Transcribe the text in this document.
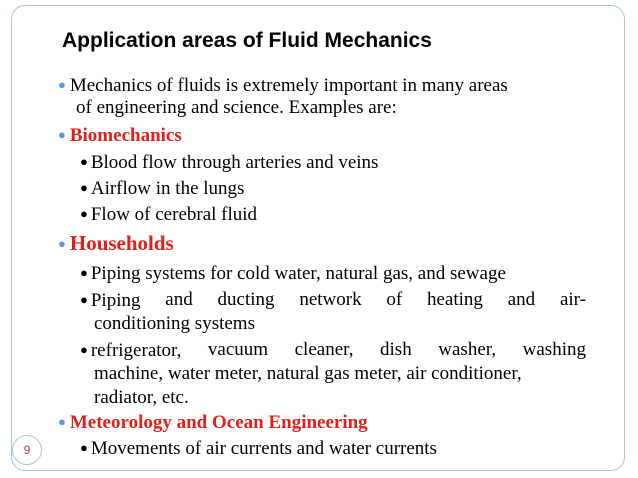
Application areas of Fluid Mechanics
● Mechanics of fluids is extremely important in many areas
of engineering and science. Examples are:
● Biomechanics
● Blood flow through arteries and veins
● Airflow in the lungs
● Flow of cerebral fluid
● Households
● Piping systems for cold water, natural gas, and sewage
● Piping and ducting network of heating and air-
conditioning systems
● refrigerator, vacuum cleaner, dish washer, washing
machine, water meter, natural gas meter, air conditioner,
radiator, etc.
● Meteorology and Ocean Engineering
● Movements of air currents and water currents
9
